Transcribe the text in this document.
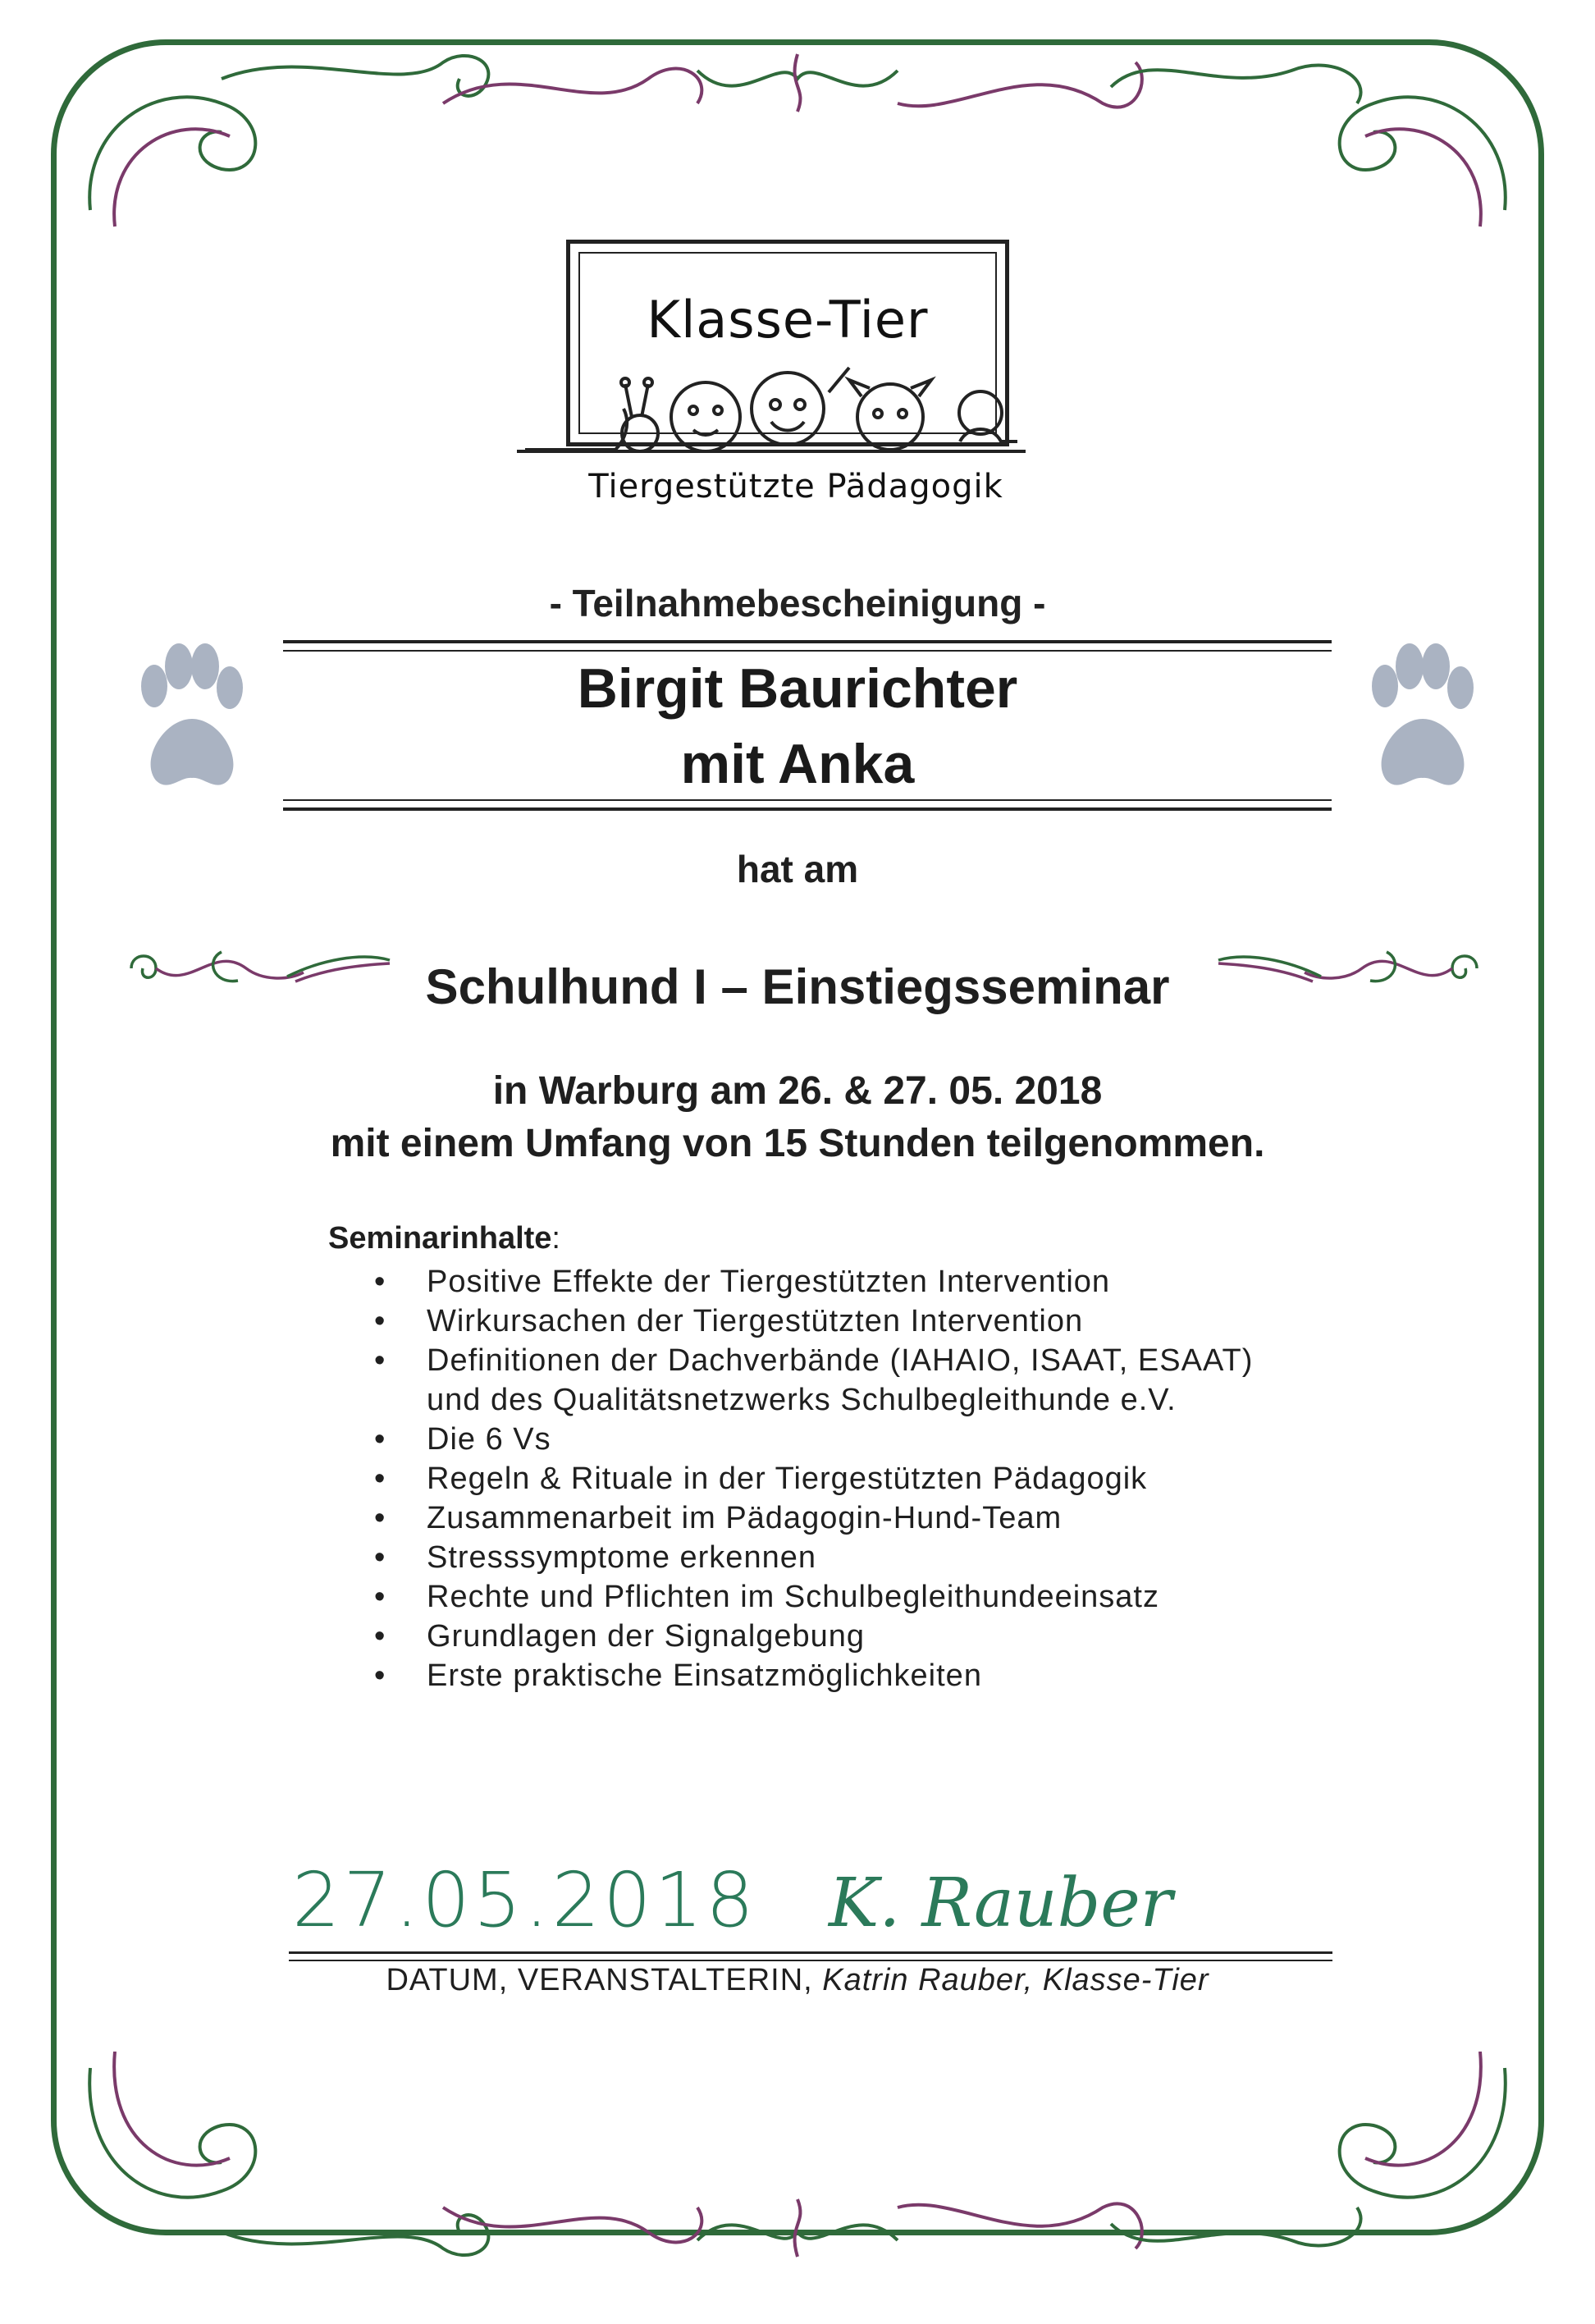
Klasse-Tier
Tiergestützte Pädagogik
- Teilnahmebescheinigung -
Birgit Baurichter
mit Anka
hat am
Schulhund I – Einstiegsseminar
in Warburg am 26. & 27. 05. 2018
mit einem Umfang von 15 Stunden teilgenommen.
Seminarinhalte:
• Positive Effekte der Tiergestützten Intervention
• Wirkursachen der Tiergestützten Intervention
• Definitionen der Dachverbände (IAHAIO, ISAAT, ESAAT)
und des Qualitätsnetzwerks Schulbegleithunde e.V.
• Die 6 Vs
• Regeln & Rituale in der Tiergestützten Pädagogik
• Zusammenarbeit im Pädagogin-Hund-Team
• Stresssymptome erkennen
• Rechte und Pflichten im Schulbegleithundeeinsatz
• Grundlagen der Signalgebung
• Erste praktische Einsatzmöglichkeiten
27.05.2018 K. Rauber
DATUM, VERANSTALTERIN, Katrin Rauber, Klasse-Tier
